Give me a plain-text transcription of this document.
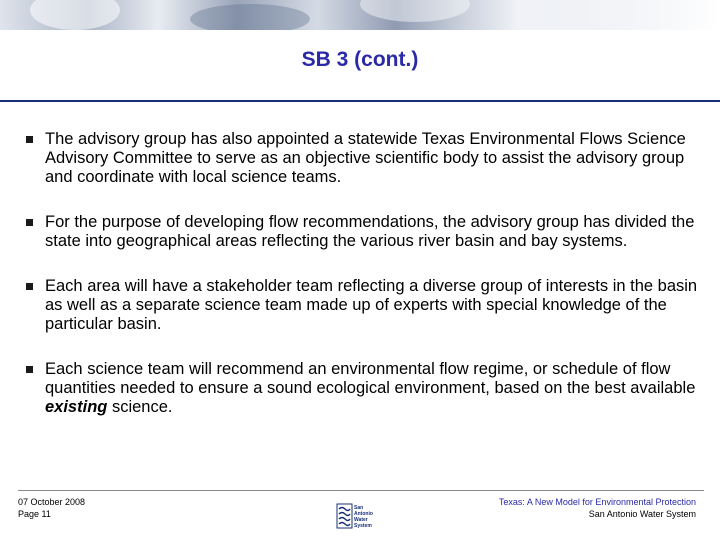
SB 3 (cont.)
The advisory group has also appointed a statewide Texas Environmental Flows Science Advisory Committee to serve as an objective scientific body to assist the advisory group and coordinate with local science teams.
For the purpose of developing flow recommendations, the advisory group has divided the state into geographical areas reflecting the various river basin and bay systems.
Each area will have a stakeholder team reflecting a diverse group of interests in the basin as well as a separate science team made up of experts with special knowledge of the particular basin.
Each science team will recommend an environmental flow regime, or schedule of flow quantities needed to ensure a sound ecological environment, based on the best available existing science.
07 October 2008
Page 11
San
Antonio
Water
System
Texas: A New Model for Environmental Protection
San Antonio Water System
